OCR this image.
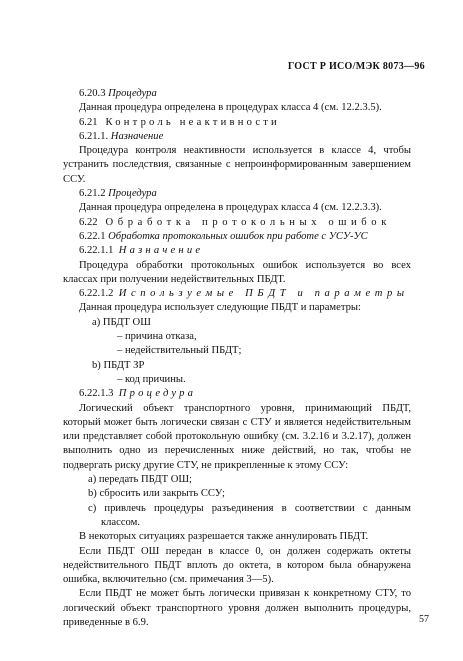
ГОСТ Р ИСО/МЭК 8073—96

6.20.3 Процедура

Данная процедура определена в процедурах класса 4 (см. 12.2.3.5).

6.21 Контроль неактивности

6.21.1. Назначение

Процедура контроля неактивности используется в классе 4, чтобы устранить последствия, связанные с непроинформированным завершением ССУ.

6.21.2 Процедура

Данная процедура определена в процедурах класса 4 (см. 12.2.3.3).

6.22 Обработка протокольных ошибок

6.22.1 Обработка протокольных ошибок при работе с УСУ-УС

6.22.1.1 Назначение

Процедура обработки протокольных ошибок используется во всех классах при получении недействительных ПБДТ.

6.22.1.2 Используемые ПБДТ и параметры

Данная процедура использует следующие ПБДТ и параметры:

а) ПБДТ ОШ

– причина отказа,

– недействительный ПБДТ;

b) ПБДТ ЗР

– код причины.

6.22.1.3 Процедура

Логический объект транспортного уровня, принимающий ПБДТ, который может быть логически связан с СТУ и является недействительным или представляет собой протокольную ошибку (см. 3.2.16 и 3.2.17), должен выполнить одно из перечисленных ниже действий, но так, чтобы не подвергать риску другие СТУ, не прикрепленные к этому ССУ:

а) передать ПБДТ ОШ;

b) сбросить или закрыть ССУ;

с) привлечь процедуры разъединения в соответствии с данным классом.

В некоторых ситуациях разрешается также аннулировать ПБДТ.

Если ПБДТ ОШ передан в классе 0, он должен содержать октеты недействительного ПБДТ вплоть до октета, в котором была обнаружена ошибка, включительно (см. примечания 3—5).

Если ПБДТ не может быть логически привязан к конкретному СТУ, то логический объект транспортного уровня должен выполнить процедуры, приведенные в 6.9.	57
